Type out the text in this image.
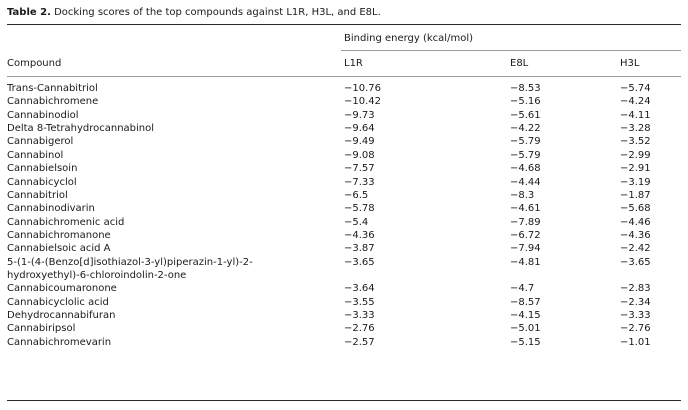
Table 2. Docking scores of the top compounds against L1R, H3L, and E8L.
Binding energy (kcal/mol)
Compound	L1R	E8L	H3L
Trans-Cannabitriol	−10.76	−8.53	−5.74
Cannabichromene	−10.42	−5.16	−4.24
Cannabinodiol	−9.73	−5.61	−4.11
Delta 8-Tetrahydrocannabinol	−9.64	−4.22	−3.28
Cannabigerol	−9.49	−5.79	−3.52
Cannabinol	−9.08	−5.79	−2.99
Cannabielsoin	−7.57	−4.68	−2.91
Cannabicyclol	−7.33	−4.44	−3.19
Cannabitriol	−6.5	−8.3	−1.87
Cannabinodivarin	−5.78	−4.61	−5.68
Cannabichromenic acid	−5.4	−7.89	−4.46
Cannabichromanone	−4.36	−6.72	−4.36
Cannabielsoic acid A	−3.87	−7.94	−2.42
5-(1-(4-(Benzo[d]isothiazol-3-yl)piperazin-1-yl)-2-hydroxyethyl)-6-chloroindolin-2-one
−3.65	−4.81	−3.65
Cannabicoumaronone	−3.64	−4.7	−2.83
Cannabicyclolic acid	−3.55	−8.57	−2.34
Dehydrocannabifuran	−3.33	−4.15	−3.33
Cannabiripsol	−2.76	−5.01	−2.76
Cannabichromevarin	−2.57	−5.15	−1.01
